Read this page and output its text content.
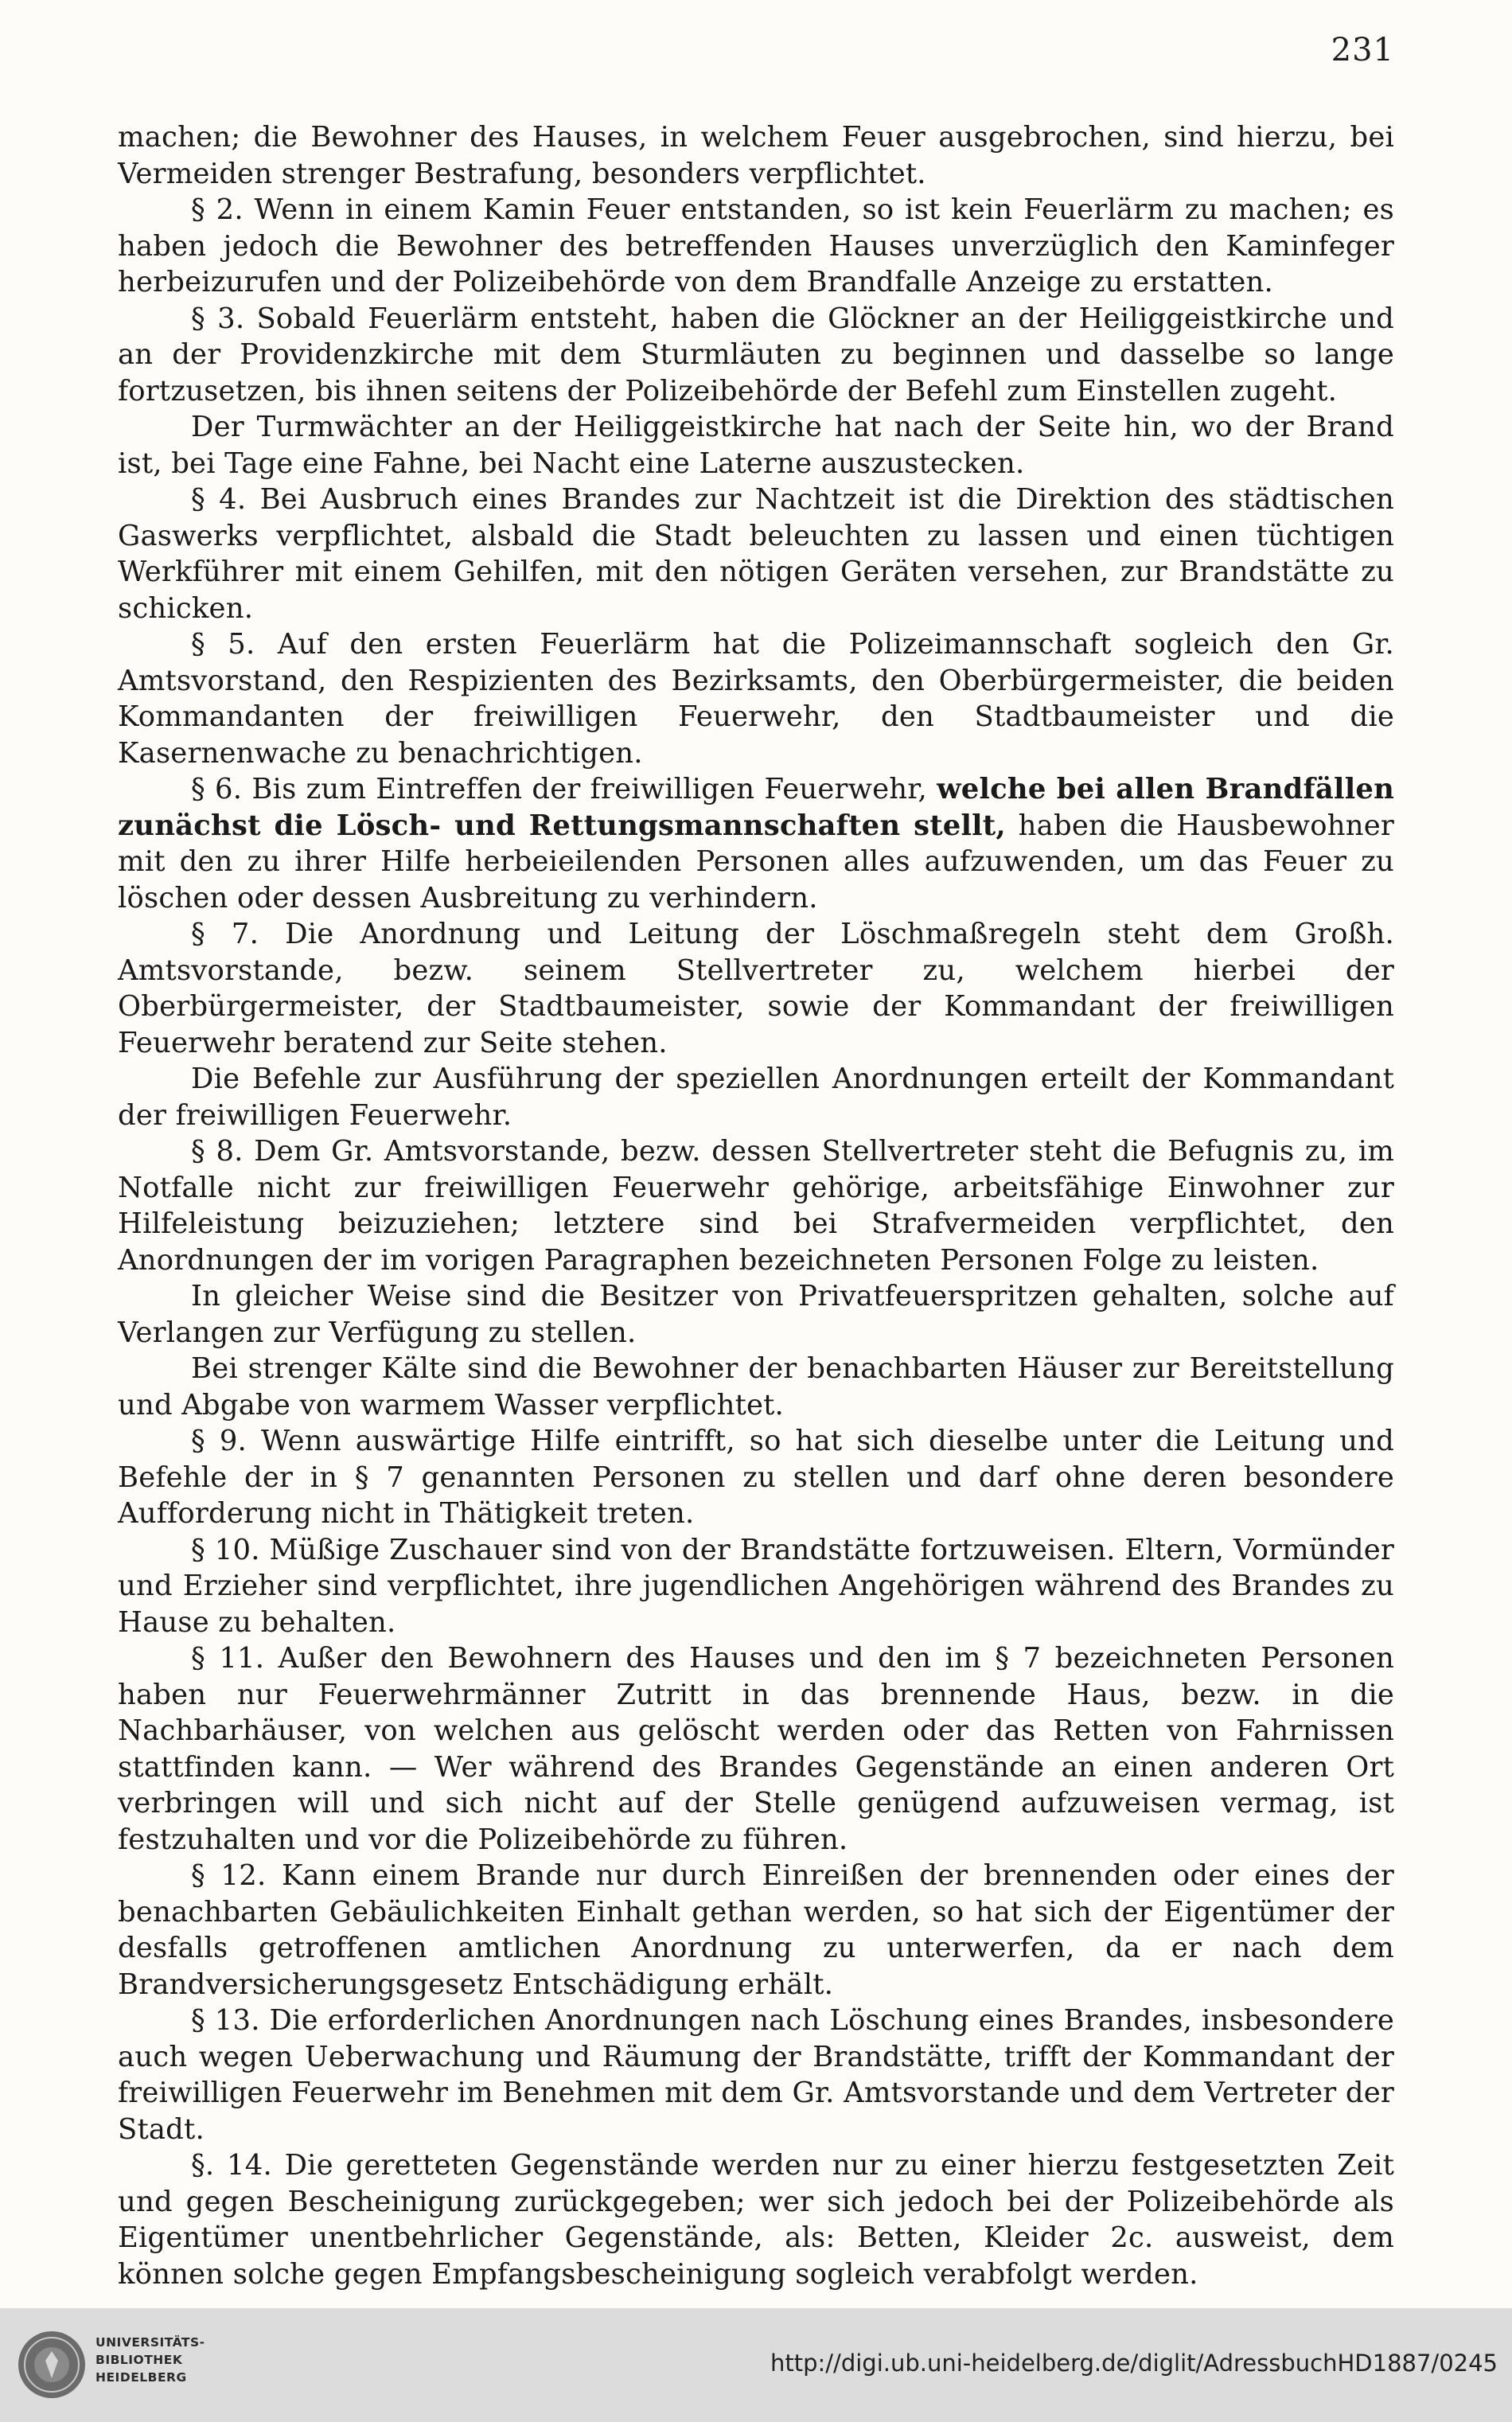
231

machen; die Bewohner des Hauses, in welchem Feuer ausgebrochen, sind hierzu, bei Vermeiden strenger Bestrafung, besonders verpflichtet.

§ 2. Wenn in einem Kamin Feuer entstanden, so ist kein Feuerlärm zu machen; es haben jedoch die Bewohner des betreffenden Hauses unverzüglich den Kaminfeger herbeizurufen und der Polizeibehörde von dem Brandfalle Anzeige zu erstatten.

§ 3. Sobald Feuerlärm entsteht, haben die Glöckner an der Heiliggeistkirche und an der Providenzkirche mit dem Sturmläuten zu beginnen und dasselbe so lange fortzusetzen, bis ihnen seitens der Polizeibehörde der Befehl zum Einstellen zugeht.

Der Turmwächter an der Heiliggeistkirche hat nach der Seite hin, wo der Brand ist, bei Tage eine Fahne, bei Nacht eine Laterne auszustecken.

§ 4. Bei Ausbruch eines Brandes zur Nachtzeit ist die Direktion des städtischen Gaswerks verpflichtet, alsbald die Stadt beleuchten zu lassen und einen tüchtigen Werkführer mit einem Gehilfen, mit den nötigen Geräten versehen, zur Brandstätte zu schicken.

§ 5. Auf den ersten Feuerlärm hat die Polizeimannschaft sogleich den Gr. Amtsvorstand, den Respizienten des Bezirksamts, den Oberbürgermeister, die beiden Kommandanten der freiwilligen Feuerwehr, den Stadtbaumeister und die Kasernenwache zu benachrichtigen.

§ 6. Bis zum Eintreffen der freiwilligen Feuerwehr, welche bei allen Brandfällen zunächst die Lösch- und Rettungsmannschaften stellt, haben die Hausbewohner mit den zu ihrer Hilfe herbeieilenden Personen alles aufzuwenden, um das Feuer zu löschen oder dessen Ausbreitung zu verhindern.

§ 7. Die Anordnung und Leitung der Löschmaßregeln steht dem Großh. Amtsvorstande, bezw. seinem Stellvertreter zu, welchem hierbei der Oberbürgermeister, der Stadtbaumeister, sowie der Kommandant der freiwilligen Feuerwehr beratend zur Seite stehen.

Die Befehle zur Ausführung der speziellen Anordnungen erteilt der Kommandant der freiwilligen Feuerwehr.

§ 8. Dem Gr. Amtsvorstande, bezw. dessen Stellvertreter steht die Befugnis zu, im Notfalle nicht zur freiwilligen Feuerwehr gehörige, arbeitsfähige Einwohner zur Hilfeleistung beizuziehen; letztere sind bei Strafvermeiden verpflichtet, den Anordnungen der im vorigen Paragraphen bezeichneten Personen Folge zu leisten.

In gleicher Weise sind die Besitzer von Privatfeuerspritzen gehalten, solche auf Verlangen zur Verfügung zu stellen.

Bei strenger Kälte sind die Bewohner der benachbarten Häuser zur Bereitstellung und Abgabe von warmem Wasser verpflichtet.

§ 9. Wenn auswärtige Hilfe eintrifft, so hat sich dieselbe unter die Leitung und Befehle der in § 7 genannten Personen zu stellen und darf ohne deren besondere Aufforderung nicht in Thätigkeit treten.

§ 10. Müßige Zuschauer sind von der Brandstätte fortzuweisen. Eltern, Vormünder und Erzieher sind verpflichtet, ihre jugendlichen Angehörigen während des Brandes zu Hause zu behalten.

§ 11. Außer den Bewohnern des Hauses und den im § 7 bezeichneten Personen haben nur Feuerwehrmänner Zutritt in das brennende Haus, bezw. in die Nachbarhäuser, von welchen aus gelöscht werden oder das Retten von Fahrnissen stattfinden kann. — Wer während des Brandes Gegenstände an einen anderen Ort verbringen will und sich nicht auf der Stelle genügend aufzuweisen vermag, ist festzuhalten und vor die Polizeibehörde zu führen.

§ 12. Kann einem Brande nur durch Einreißen der brennenden oder eines der benachbarten Gebäulichkeiten Einhalt gethan werden, so hat sich der Eigentümer der desfalls getroffenen amtlichen Anordnung zu unterwerfen, da er nach dem Brandversicherungsgesetz Entschädigung erhält.

§ 13. Die erforderlichen Anordnungen nach Löschung eines Brandes, insbesondere auch wegen Ueberwachung und Räumung der Brandstätte, trifft der Kommandant der freiwilligen Feuerwehr im Benehmen mit dem Gr. Amtsvorstande und dem Vertreter der Stadt.

§. 14. Die geretteten Gegenstände werden nur zu einer hierzu festgesetzten Zeit und gegen Bescheinigung zurückgegeben; wer sich jedoch bei der Polizeibehörde als Eigentümer unentbehrlicher Gegenstände, als: Betten, Kleider 2c. ausweist, dem können solche gegen Empfangsbescheinigung sogleich verabfolgt werden.

UNIVERSITÄTS-
BIBLIOTHEK
HEIDELBERG
http://digi.ub.uni-heidelberg.de/diglit/AdressbuchHD1887/0245
